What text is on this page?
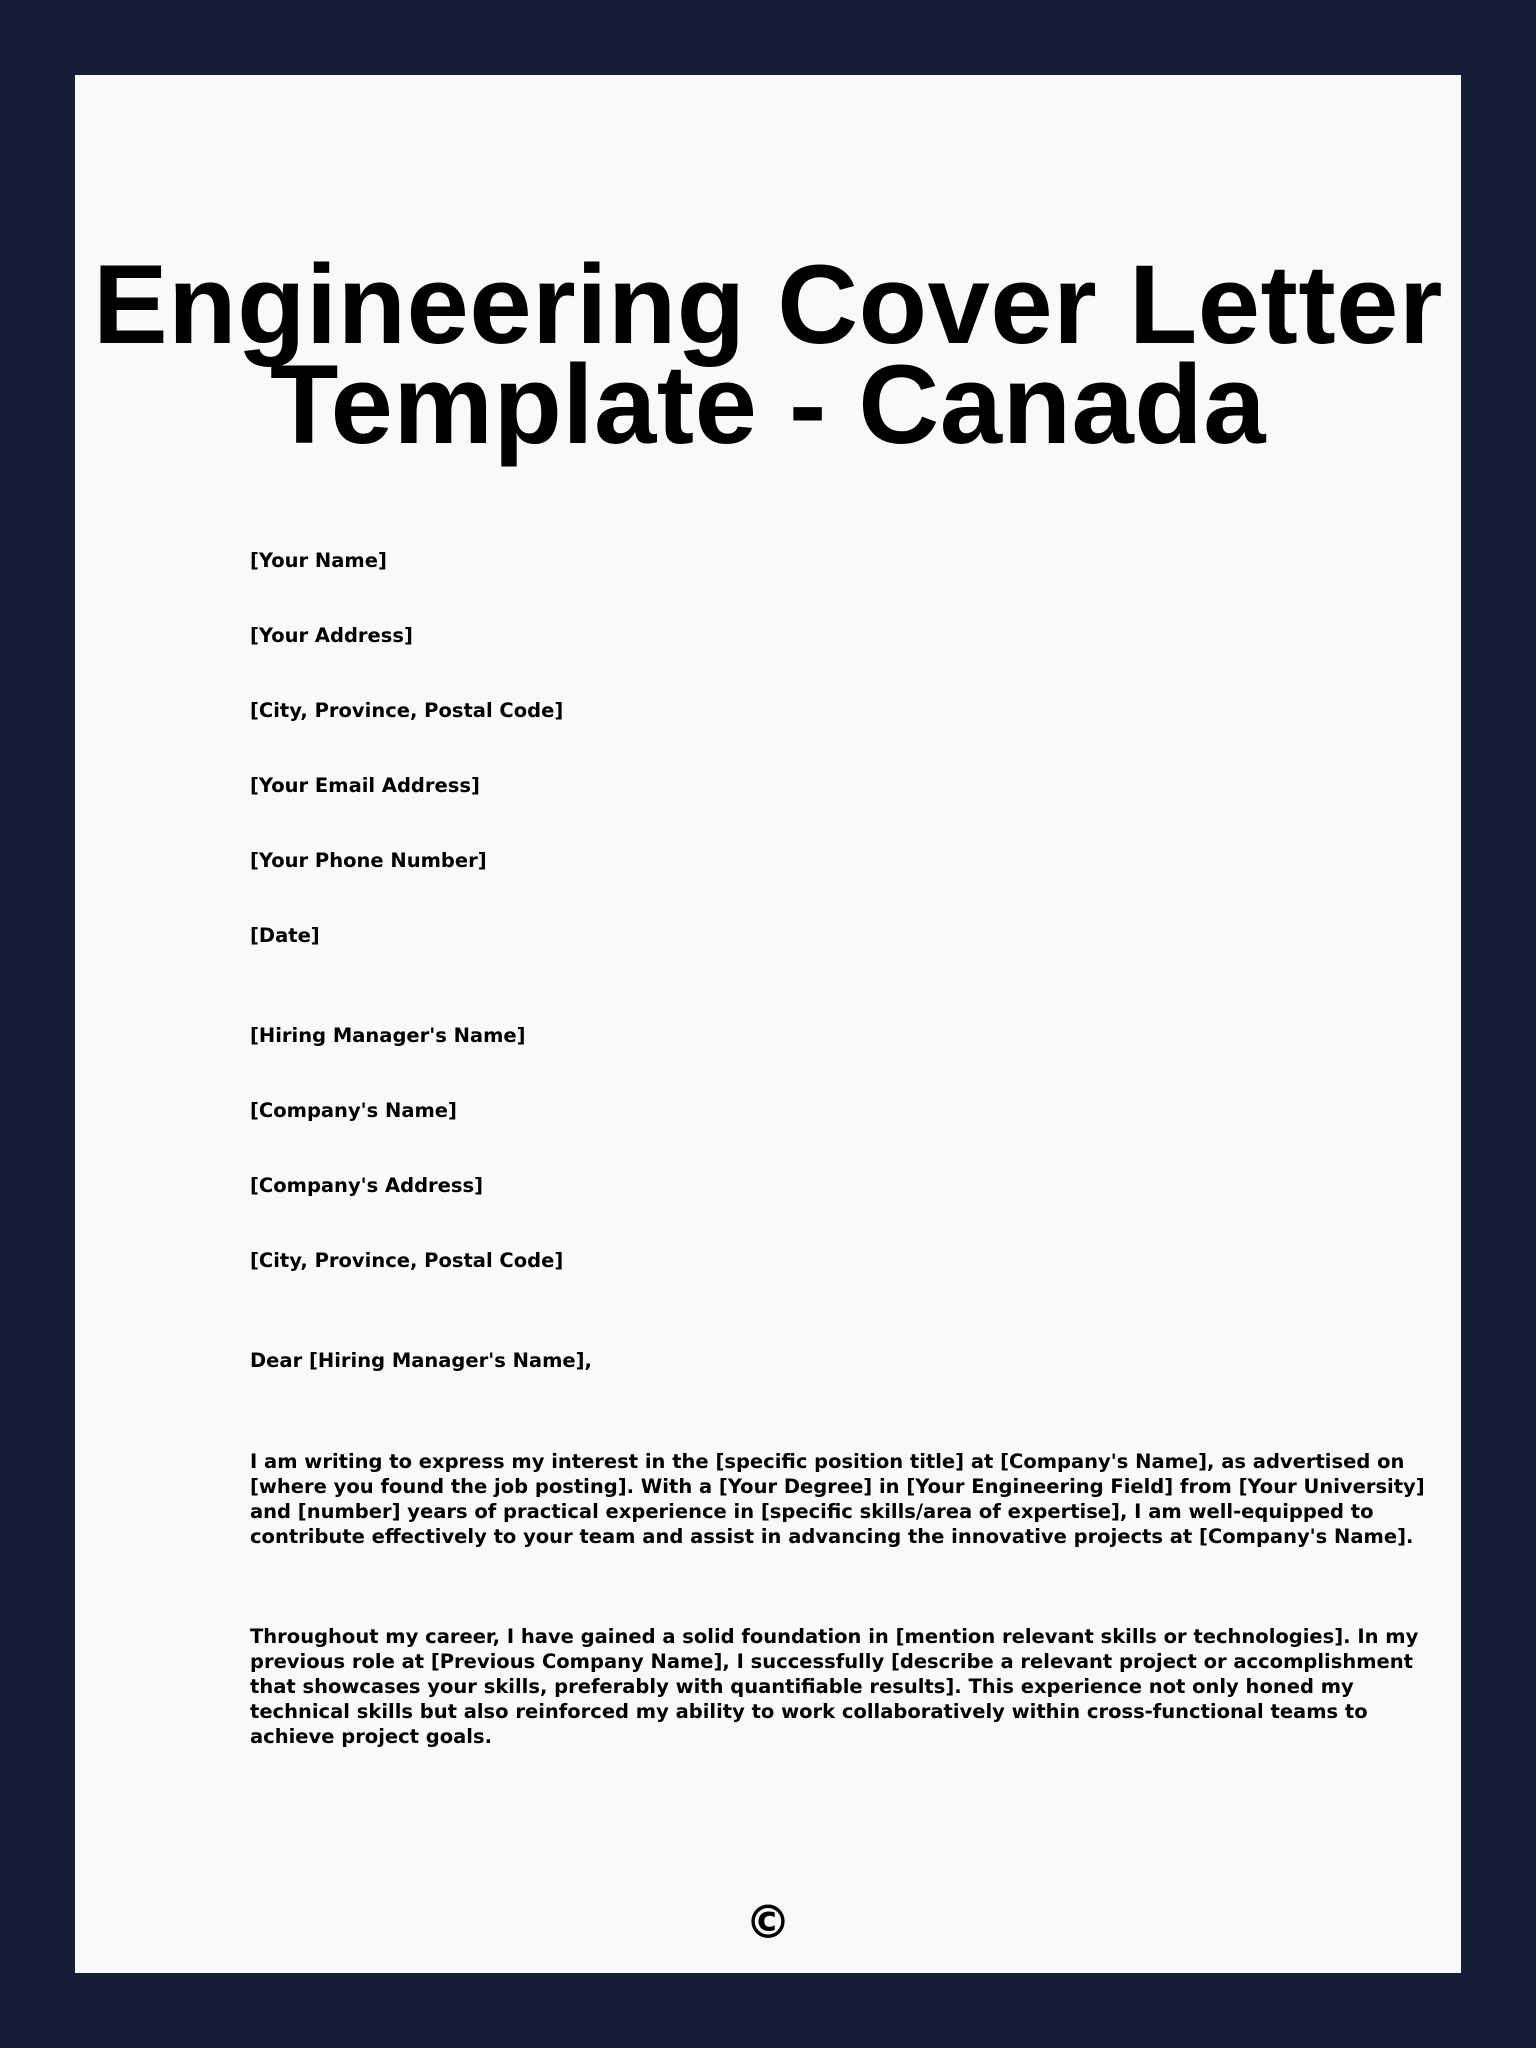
Engineering Cover Letter
Template - Canada
[Your Name]
[Your Address]
[City, Province, Postal Code]
[Your Email Address]
[Your Phone Number]
[Date]
[Hiring Manager's Name]
[Company's Name]
[Company's Address]
[City, Province, Postal Code]
Dear [Hiring Manager's Name],
I am writing to express my interest in the [specific position title] at [Company's Name], as advertised on
[where you found the job posting]. With a [Your Degree] in [Your Engineering Field] from [Your University]
and [number] years of practical experience in [specific skills/area of expertise], I am well-equipped to
contribute effectively to your team and assist in advancing the innovative projects at [Company's Name].
Throughout my career, I have gained a solid foundation in [mention relevant skills or technologies]. In my
previous role at [Previous Company Name], I successfully [describe a relevant project or accomplishment
that showcases your skills, preferably with quantifiable results]. This experience not only honed my
technical skills but also reinforced my ability to work collaboratively within cross-functional teams to
achieve project goals.
©
